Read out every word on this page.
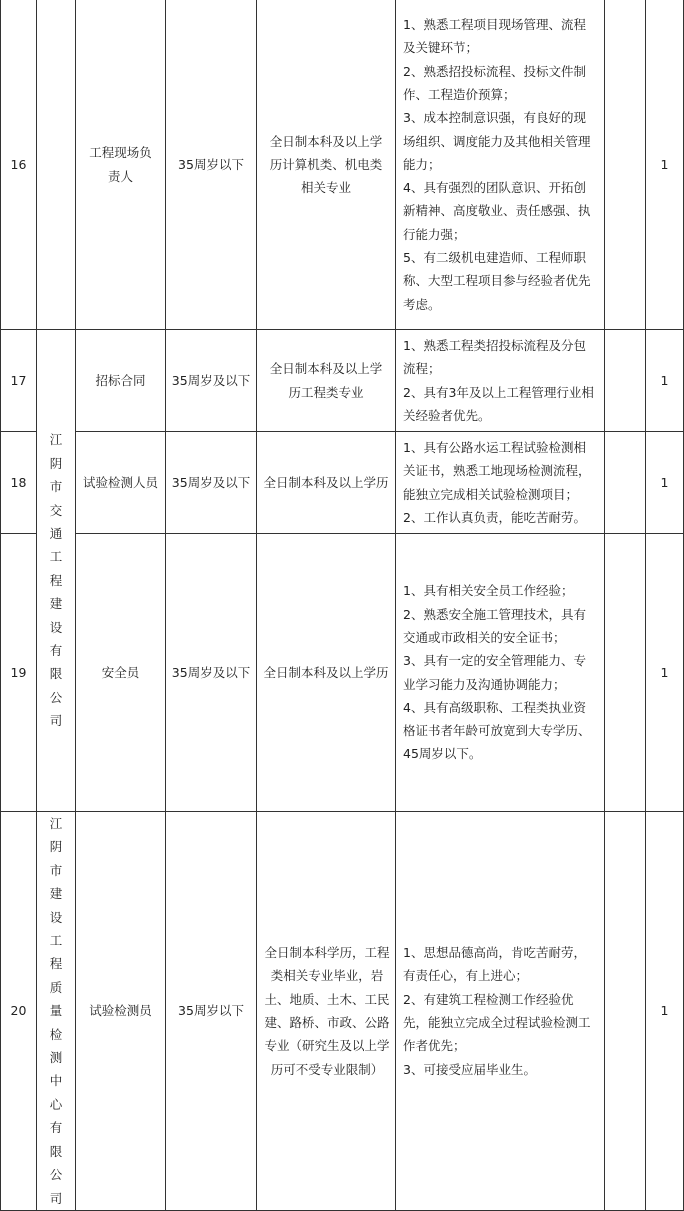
16		工程现场负责人	35周岁以下	全日制本科及以上学历计算机类、机电类相关专业	1、熟悉工程项目现场管理、流程及关键环节；

2、熟悉招投标流程、投标文件制作、工程造价预算；

3、成本控制意识强，有良好的现场组织、调度能力及其他相关管理能力；

4、具有强烈的团队意识、开拓创新精神、高度敬业、责任感强、执行能力强；

5、有二级机电建造师、工程师职称、大型工程项目参与经验者优先考虑。		1
17	江阴市交通工程建设有限公司	招标合同	35周岁及以下	全日制本科及以上学历工程类专业	1、熟悉工程类招投标流程及分包流程；

2、具有3年及以上工程管理行业相关经验者优先。		1
18		试验检测人员	35周岁及以下	全日制本科及以上学历	1、具有公路水运工程试验检测相关证书，熟悉工地现场检测流程，能独立完成相关试验检测项目；

2、工作认真负责，能吃苦耐劳。		1
19		安全员	35周岁及以下	全日制本科及以上学历	1、具有相关安全员工作经验；

2、熟悉安全施工管理技术，具有交通或市政相关的安全证书；

3、具有一定的安全管理能力、专业学习能力及沟通协调能力；

4、具有高级职称、工程类执业资格证书者年龄可放宽到大专学历、45周岁以下。		1
20	江阴市建设工程质量检测中心有限公司	试验检测员	35周岁以下	全日制本科学历，工程类相关专业毕业，岩土、地质、土木、工民建、路桥、市政、公路专业（研究生及以上学历可不受专业限制）	1、思想品德高尚，肯吃苦耐劳，有责任心，有上进心；

2、有建筑工程检测工作经验优先，能独立完成全过程试验检测工作者优先；

3、可接受应届毕业生。		1
